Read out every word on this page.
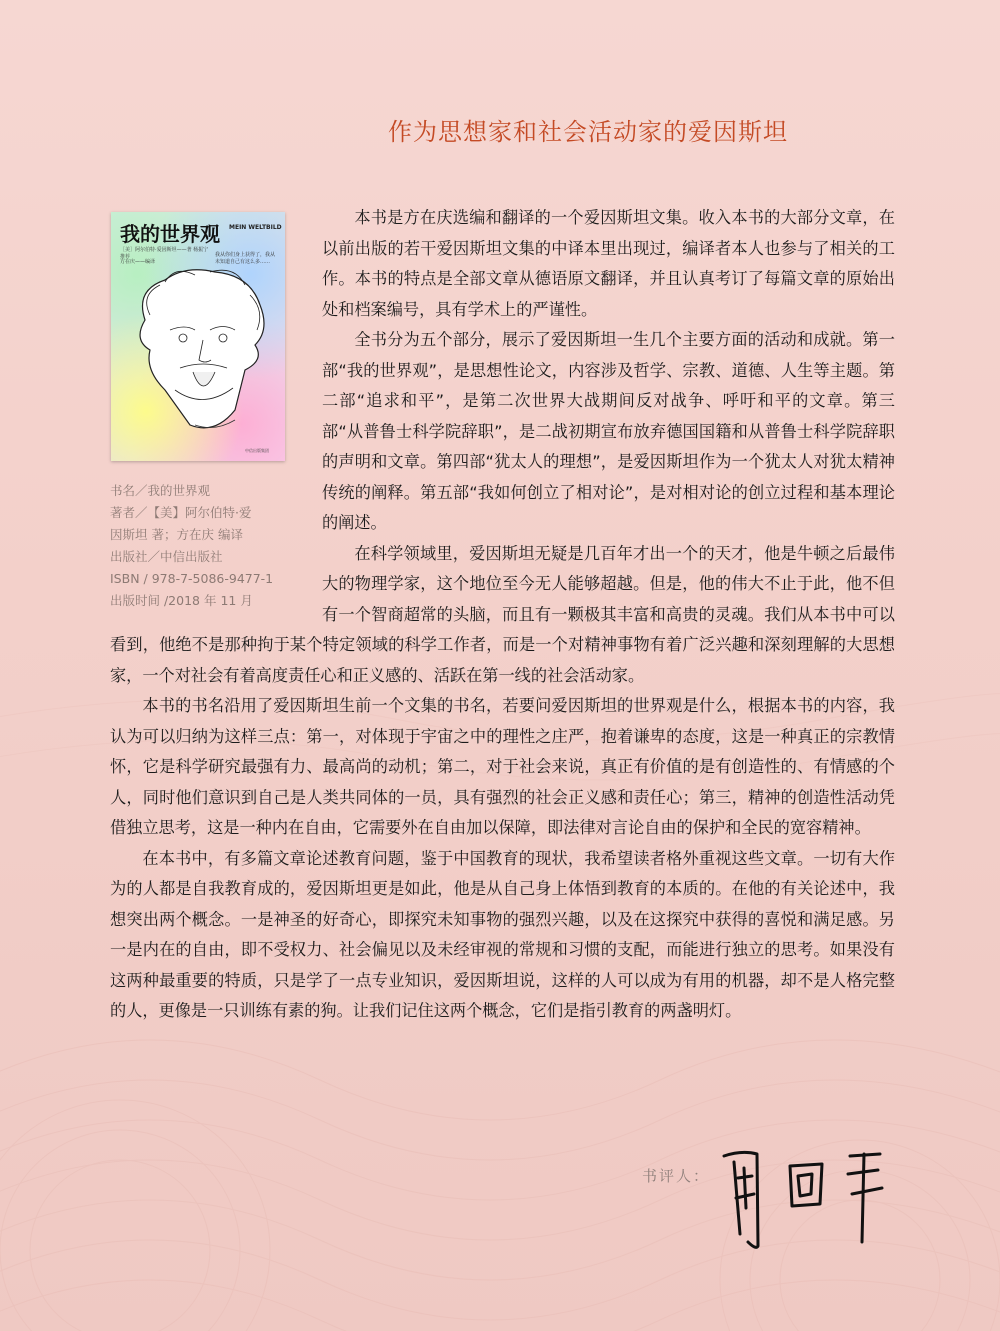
作为思想家和社会活动家的爱因斯坦
我的世界观 MEIN WELTBILD
［美］阿尔伯特·爱因斯坦——著 杨振宁推荐
方在庆——编译
我从你们身上获得了，我从未知道自己有这么多……
中信出版集团
书名／我的世界观
著者／【美】阿尔伯特·爱
因斯坦 著；方在庆 编译
出版社／中信出版社
ISBN / 978-7-5086-9477-1
出版时间 /2018 年 11 月

本书是方在庆选编和翻译的一个爱因斯坦文集。收入本书的大部分文章，在以前出版的若干爱因斯坦文集的中译本里出现过，编译者本人也参与了相关的工作。本书的特点是全部文章从德语原文翻译，并且认真考订了每篇文章的原始出处和档案编号，具有学术上的严谨性。

全书分为五个部分，展示了爱因斯坦一生几个主要方面的活动和成就。第一部“我的世界观”，是思想性论文，内容涉及哲学、宗教、道德、人生等主题。第二部“追求和平”，是第二次世界大战期间反对战争、呼吁和平的文章。第三部“从普鲁士科学院辞职”，是二战初期宣布放弃德国国籍和从普鲁士科学院辞职的声明和文章。第四部“犹太人的理想”，是爱因斯坦作为一个犹太人对犹太精神传统的阐释。第五部“我如何创立了相对论”，是对相对论的创立过程和基本理论的阐述。

在科学领域里，爱因斯坦无疑是几百年才出一个的天才，他是牛顿之后最伟大的物理学家，这个地位至今无人能够超越。但是，他的伟大不止于此，他不但有一个智商超常的头脑，而且有一颗极其丰富和高贵的灵魂。我们从本书中可以看到，他绝不是那种拘于某个特定领域的科学工作者，而是一个对精神事物有着广泛兴趣和深刻理解的大思想家，一个对社会有着高度责任心和正义感的、活跃在第一线的社会活动家。

本书的书名沿用了爱因斯坦生前一个文集的书名，若要问爱因斯坦的世界观是什么，根据本书的内容，我认为可以归纳为这样三点：第一，对体现于宇宙之中的理性之庄严，抱着谦卑的态度，这是一种真正的宗教情怀，它是科学研究最强有力、最高尚的动机；第二，对于社会来说，真正有价值的是有创造性的、有情感的个人，同时他们意识到自己是人类共同体的一员，具有强烈的社会正义感和责任心；第三，精神的创造性活动凭借独立思考，这是一种内在自由，它需要外在自由加以保障，即法律对言论自由的保护和全民的宽容精神。

在本书中，有多篇文章论述教育问题，鉴于中国教育的现状，我希望读者格外重视这些文章。一切有大作为的人都是自我教育成的，爱因斯坦更是如此，他是从自己身上体悟到教育的本质的。在他的有关论述中，我想突出两个概念。一是神圣的好奇心，即探究未知事物的强烈兴趣，以及在这探究中获得的喜悦和满足感。另一是内在的自由，即不受权力、社会偏见以及未经审视的常规和习惯的支配，而能进行独立的思考。如果没有这两种最重要的特质，只是学了一点专业知识，爱因斯坦说，这样的人可以成为有用的机器，却不是人格完整的人，更像是一只训练有素的狗。让我们记住这两个概念，它们是指引教育的两盏明灯。

书评人：
